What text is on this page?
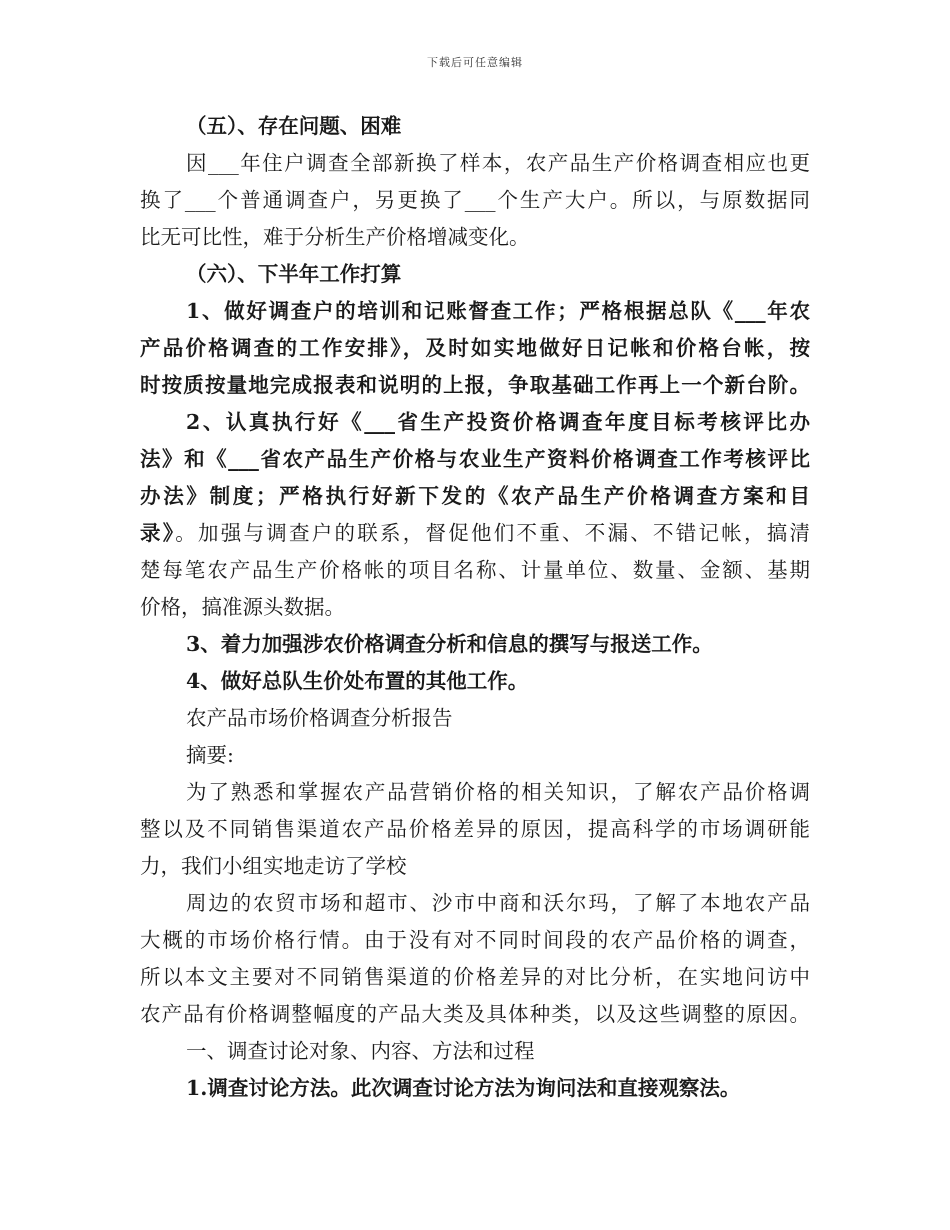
下载后可任意编辑
（五）、存在问题、困难
因___年住户调查全部新换了样本，农产品生产价格调查相应也更
换了___个普通调查户，另更换了___个生产大户。所以，与原数据同
比无可比性，难于分析生产价格增减变化。
（六）、下半年工作打算
1、做好调查户的培训和记账督查工作；严格根据总队《___年农
产品价格调查的工作安排》，及时如实地做好日记帐和价格台帐，按
时按质按量地完成报表和说明的上报，争取基础工作再上一个新台阶。
2、认真执行好《___省生产投资价格调查年度目标考核评比办
法》和《___省农产品生产价格与农业生产资料价格调查工作考核评比
办法》制度；严格执行好新下发的《农产品生产价格调查方案和目
录》。加强与调查户的联系，督促他们不重、不漏、不错记帐，搞清
楚每笔农产品生产价格帐的项目名称、计量单位、数量、金额、基期
价格，搞准源头数据。
3、着力加强涉农价格调查分析和信息的撰写与报送工作。
4、做好总队生价处布置的其他工作。
农产品市场价格调查分析报告
摘要:
为了熟悉和掌握农产品营销价格的相关知识，了解农产品价格调
整以及不同销售渠道农产品价格差异的原因，提高科学的市场调研能
力，我们小组实地走访了学校
周边的农贸市场和超市、沙市中商和沃尔玛，了解了本地农产品
大概的市场价格行情。由于没有对不同时间段的农产品价格的调查，
所以本文主要对不同销售渠道的价格差异的对比分析，在实地问访中
农产品有价格调整幅度的产品大类及具体种类，以及这些调整的原因。
一、调查讨论对象、内容、方法和过程
1.调查讨论方法。此次调查讨论方法为询问法和直接观察法。
